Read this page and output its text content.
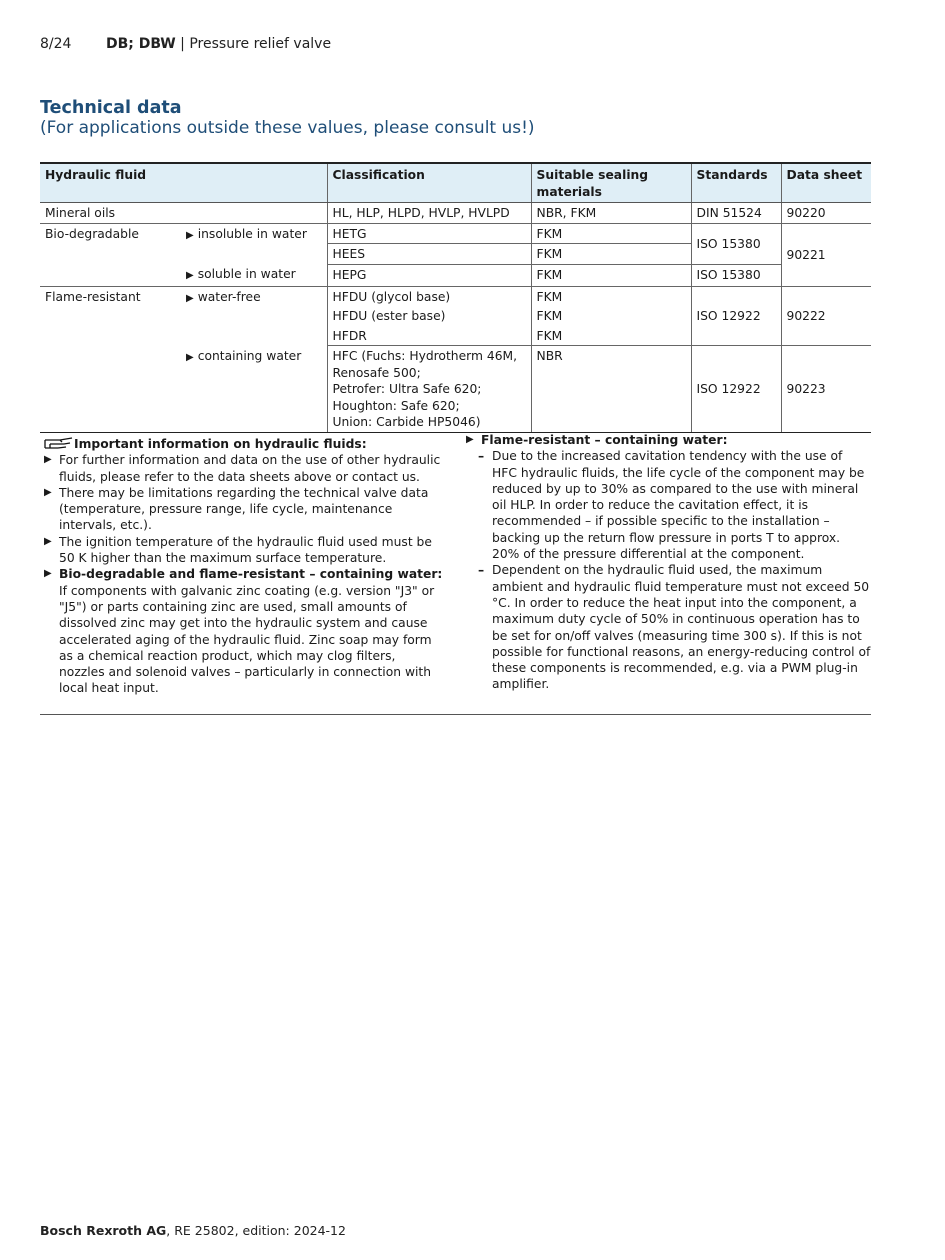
8/24 DB; DBW | Pressure relief valve
Technical data
(For applications outside these values, please consult us!)
Hydraulic fluid		Classification	Suitable sealing materials	Standards	Data sheet
Mineral oils		HL, HLP, HLPD, HVLP, HVLPD	NBR, FKM	DIN 51524	90220
Bio-degradable	▶ insoluble in water	HETG	FKM	ISO 15380	90221
		HEES	FKM		
	▶ soluble in water	HEPG	FKM	ISO 15380	
Flame-resistant	▶ water-free	HFDU (glycol base)	FKM	ISO 12922	90222
		HFDU (ester base)	FKM		
		HFDR	FKM		
	▶ containing water	HFC (Fuchs: Hydrotherm 46M,
Renosafe 500;
Petrofer: Ultra Safe 620;
Houghton: Safe 620;
Union: Carbide HP5046)	NBR	ISO 12922	90223

Important information on hydraulic fluids:

▶ For further information and data on the use of other hydraulic fluids, please refer to the data sheets above or contact us.

▶ There may be limitations regarding the technical valve data (temperature, pressure range, life cycle, maintenance intervals, etc.).

▶ The ignition temperature of the hydraulic fluid used must be 50 K higher than the maximum surface temperature.

▶ Bio-degradable and flame-resistant – containing water:
If components with galvanic zinc coating (e.g. version "J3" or "J5") or parts containing zinc are used, small amounts of dissolved zinc may get into the hydraulic system and cause accelerated aging of the hydraulic fluid. Zinc soap may form as a chemical reaction product, which may clog filters, nozzles and solenoid valves – particularly in connection with local heat input.

▶ Flame-resistant – containing water:

– Due to the increased cavitation tendency with the use of HFC hydraulic fluids, the life cycle of the component may be reduced by up to 30% as compared to the use with mineral oil HLP. In order to reduce the cavitation effect, it is recommended – if possible specific to the installation – backing up the return flow pressure in ports T to approx. 20% of the pressure differential at the component.

– Dependent on the hydraulic fluid used, the maximum ambient and hydraulic fluid temperature must not exceed 50 °C. In order to reduce the heat input into the component, a maximum duty cycle of 50% in continuous operation has to be set for on/off valves (measuring time 300 s). If this is not possible for functional reasons, an energy-reducing control of these components is recommended, e.g. via a PWM plug-in amplifier.

Bosch Rexroth AG, RE 25802, edition: 2024-12
